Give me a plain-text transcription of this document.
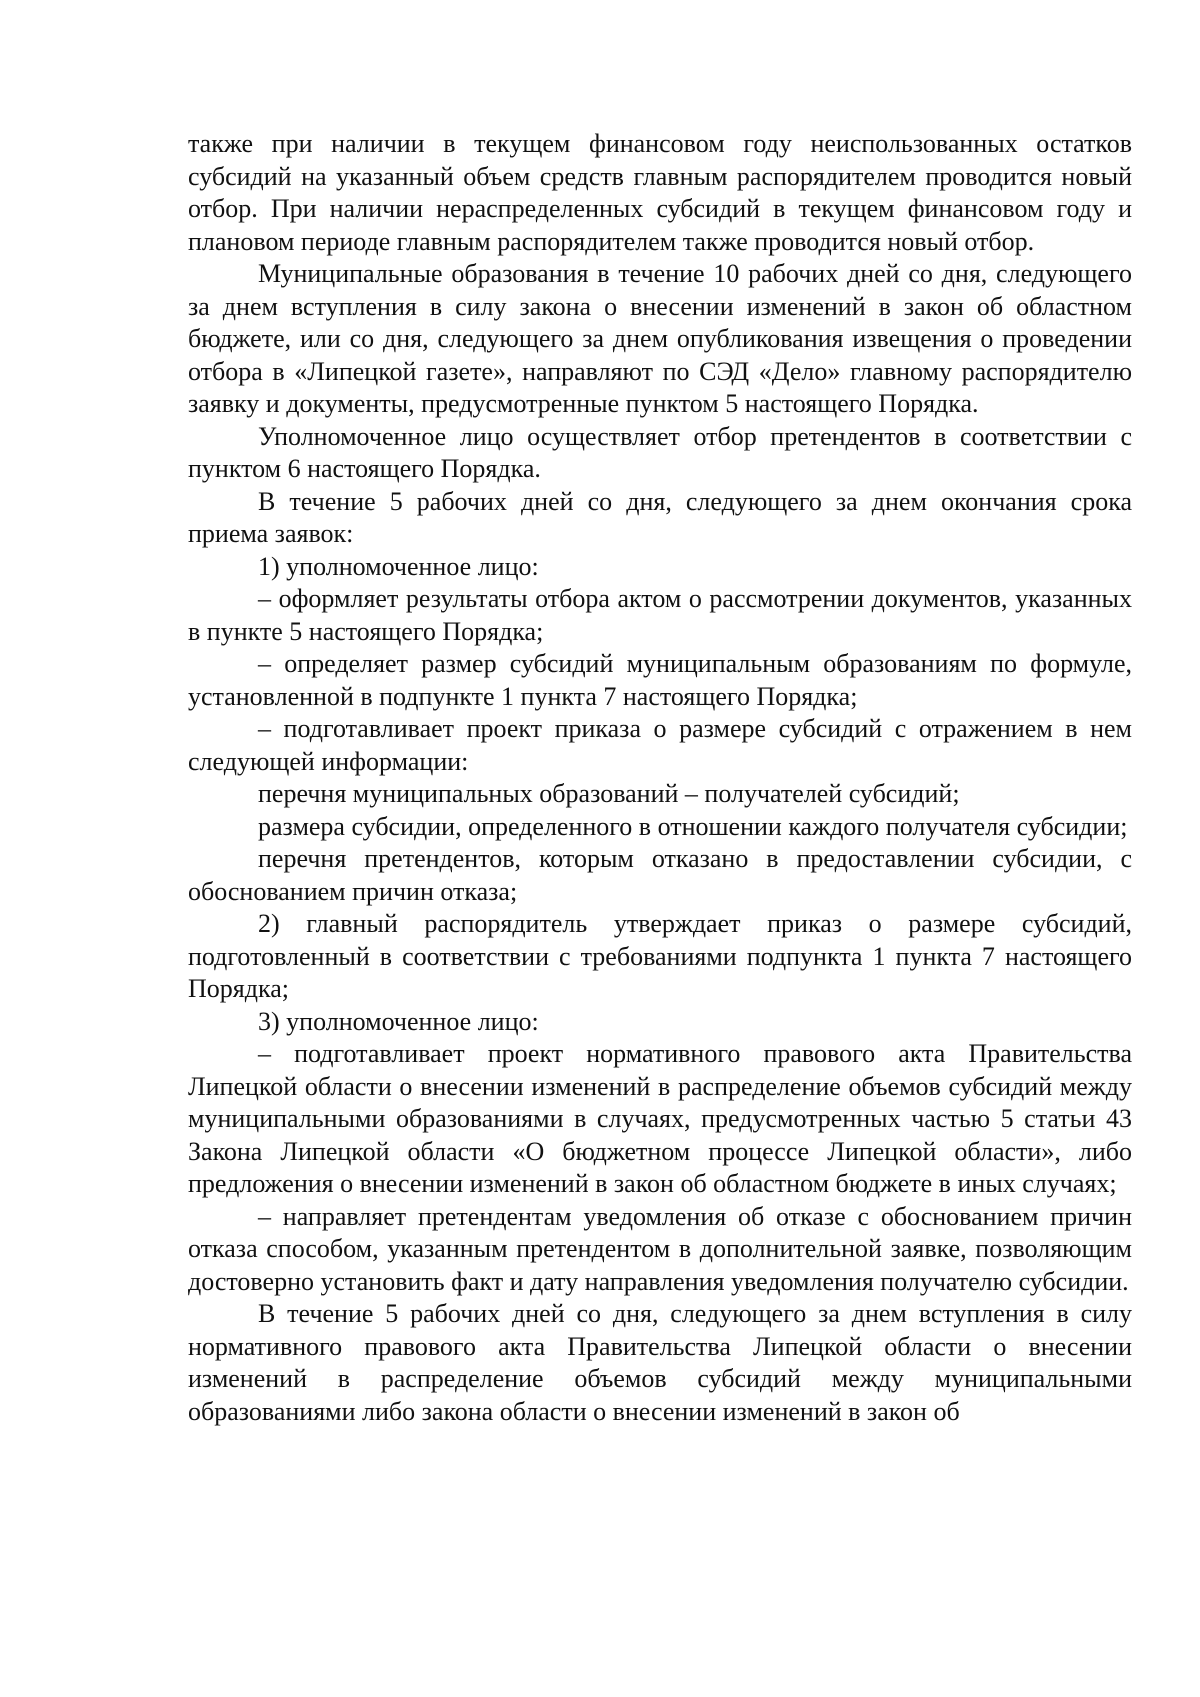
также при наличии в текущем финансовом году неиспользованных остатков субсидий на указанный объем средств главным распорядителем проводится новый отбор. При наличии нераспределенных субсидий в текущем финансовом году и плановом периоде главным распорядителем также проводится новый отбор.

Муниципальные образования в течение 10 рабочих дней со дня, следующего за днем вступления в силу закона о внесении изменений в закон об областном бюджете, или со дня, следующего за днем опубликования извещения о проведении отбора в «Липецкой газете», направляют по СЭД «Дело» главному распорядителю заявку и документы, предусмотренные пунктом 5 настоящего Порядка.

Уполномоченное лицо осуществляет отбор претендентов в соответствии с пунктом 6 настоящего Порядка.

В течение 5 рабочих дней со дня, следующего за днем окончания срока приема заявок:

1) уполномоченное лицо:

– оформляет результаты отбора актом о рассмотрении документов, указанных в пункте 5 настоящего Порядка;

– определяет размер субсидий муниципальным образованиям по формуле, установленной в подпункте 1 пункта 7 настоящего Порядка;

– подготавливает проект приказа о размере субсидий с отражением в нем следующей информации:

перечня муниципальных образований – получателей субсидий;

размера субсидии, определенного в отношении каждого получателя субсидии;

перечня претендентов, которым отказано в предоставлении субсидии, с обоснованием причин отказа;

2) главный распорядитель утверждает приказ о размере субсидий, подготовленный в соответствии с требованиями подпункта 1 пункта 7 настоящего Порядка;

3) уполномоченное лицо:

– подготавливает проект нормативного правового акта Правительства Липецкой области о внесении изменений в распределение объемов субсидий между муниципальными образованиями в случаях, предусмотренных частью 5 статьи 43 Закона Липецкой области «О бюджетном процессе Липецкой области», либо предложения о внесении изменений в закон об областном бюджете в иных случаях;

– направляет претендентам уведомления об отказе с обоснованием причин отказа способом, указанным претендентом в дополнительной заявке, позволяющим достоверно установить факт и дату направления уведомления получателю субсидии.

В течение 5 рабочих дней со дня, следующего за днем вступления в силу нормативного правового акта Правительства Липецкой области о внесении изменений в распределение объемов субсидий между муниципальными образованиями либо закона области о внесении изменений в закон об
